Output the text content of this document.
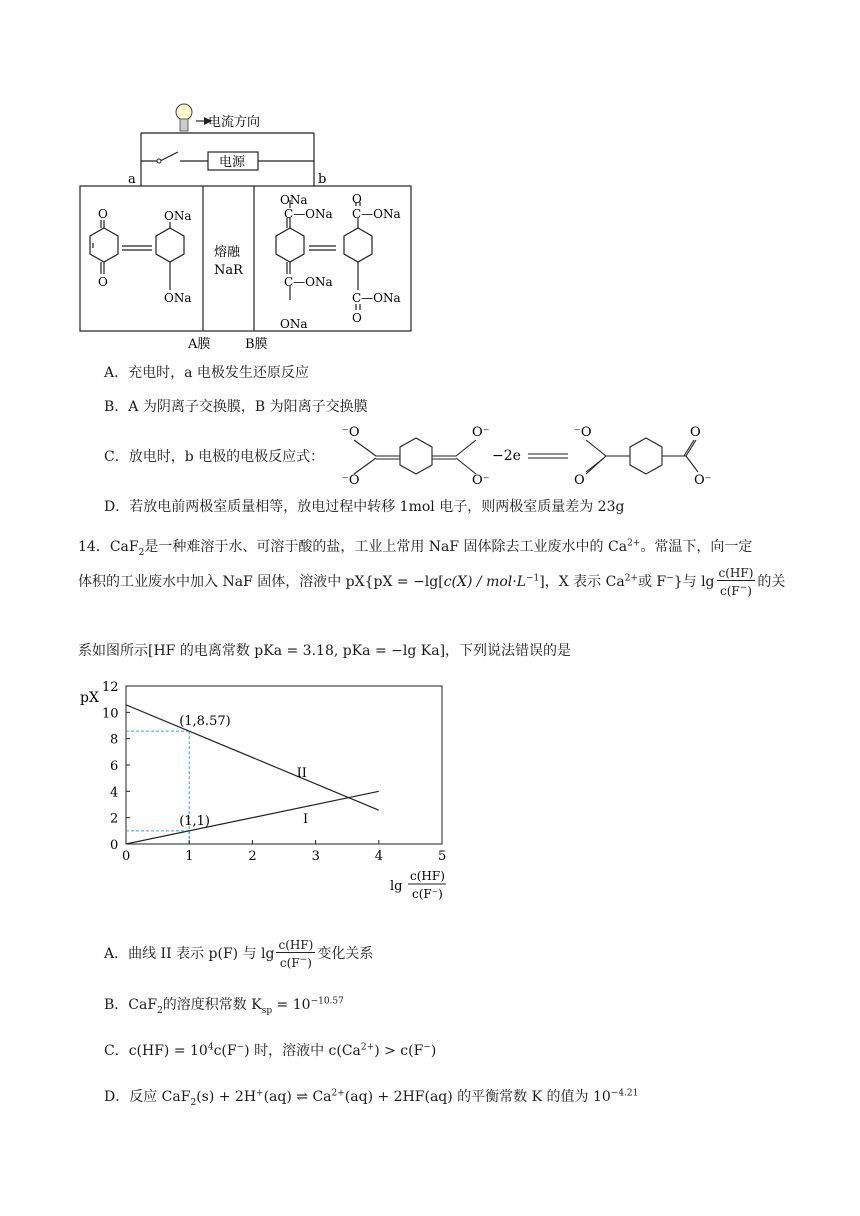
电流方向
电源
a	b
熔融
NaR
A膜	B膜
O
O
ONa
ONa
ONa
C—ONa
C—ONa
ONa
O
C—ONa
C—ONa
O
A．充电时，a 电极发生还原反应
B．A 为阴离子交换膜，B 为阳离子交换膜
C．放电时，b 电极的电极反应式：
⁻O
⁻O
O⁻
O⁻
−2e
⁻O
O
O
O⁻
D．若放电前两极室质量相等，放电过程中转移 1mol 电子，则两极室质量差为 23g
14．CaF$_2$是一种难溶于水、可溶于酸的盐，工业上常用 NaF 固体除去工业废水中的 $Ca^{2+}$。常温下，向一定
体积的工业废水中加入 NaF 固体，溶液中 $pX\{pX = -\lg[c(X) / mol\cdot L^{-1}]$，X 表示 $Ca^{2+}$或 F−}与 $\lg \frac{c(HF)}{c(F^-)}$ 的关
系如图所示[HF 的电离常数 pKa = 3.18, pKa = −lg Ka]，下列说法错误的是
II
I
0	1	2	3	4	5
0
2
4
6
8
10
12
(1,8.57)
(1,1)
pX
lg
c(HF)
c(F⁻)
A．曲线 II 表示 p(F) 与 $\lg \frac{c(HF)}{c(F^-)}$ 变化关系
B．CaF$_2$的溶度积常数 $K_{sp} = 10^{-10.57}$
C．$c(HF) = 10^4c(F^-)$ 时，溶液中 $c(Ca^{2+}) > c(F^-)$
D．反应 CaF$_2$(s) + 2H+(aq) ⇌ $Ca^{2+}(aq) + 2HF(aq)$ 的平衡常数 K 的值为 $10^{-4.21}$
